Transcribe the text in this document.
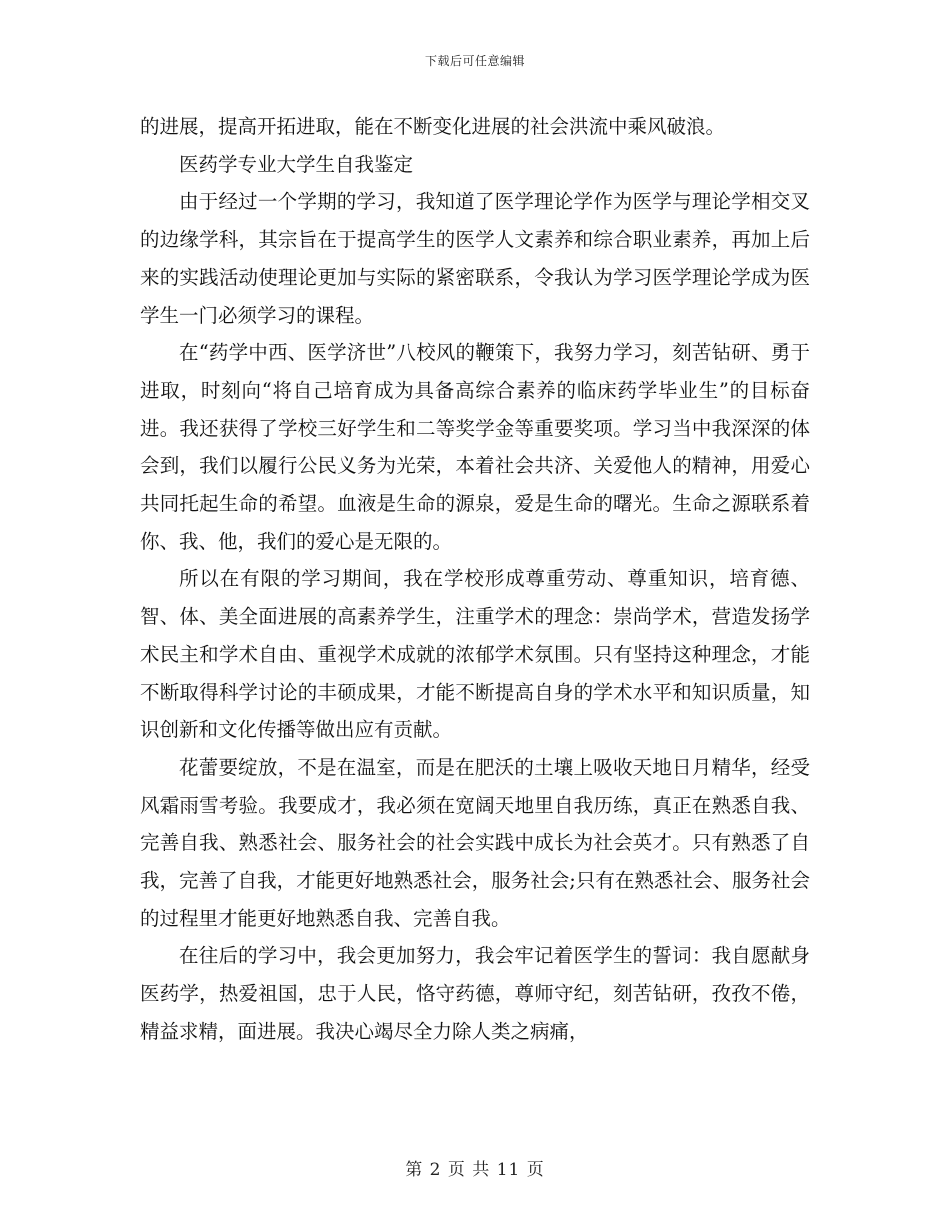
下载后可任意编辑

的进展，提高开拓进取，能在不断变化进展的社会洪流中乘风破浪。

医药学专业大学生自我鉴定

由于经过一个学期的学习，我知道了医学理论学作为医学与理论学相交叉的边缘学科，其宗旨在于提高学生的医学人文素养和综合职业素养，再加上后来的实践活动使理论更加与实际的紧密联系，令我认为学习医学理论学成为医学生一门必须学习的课程。

在“药学中西、医学济世”八校风的鞭策下，我努力学习，刻苦钻研、勇于进取，时刻向“将自己培育成为具备高综合素养的临床药学毕业生”的目标奋进。我还获得了学校三好学生和二等奖学金等重要奖项。学习当中我深深的体会到，我们以履行公民义务为光荣，本着社会共济、关爱他人的精神，用爱心共同托起生命的希望。血液是生命的源泉，爱是生命的曙光。生命之源联系着你、我、他，我们的爱心是无限的。

所以在有限的学习期间，我在学校形成尊重劳动、尊重知识，培育德、智、体、美全面进展的高素养学生，注重学术的理念：崇尚学术，营造发扬学术民主和学术自由、重视学术成就的浓郁学术氛围。只有坚持这种理念，才能不断取得科学讨论的丰硕成果，才能不断提高自身的学术水平和知识质量，知识创新和文化传播等做出应有贡献。

花蕾要绽放，不是在温室，而是在肥沃的土壤上吸收天地日月精华，经受风霜雨雪考验。我要成才，我必须在宽阔天地里自我历练，真正在熟悉自我、完善自我、熟悉社会、服务社会的社会实践中成长为社会英才。只有熟悉了自我，完善了自我，才能更好地熟悉社会，服务社会;只有在熟悉社会、服务社会的过程里才能更好地熟悉自我、完善自我。

在往后的学习中，我会更加努力，我会牢记着医学生的誓词：我自愿献身医药学，热爱祖国，忠于人民，恪守药德，尊师守纪，刻苦钻研，孜孜不倦，精益求精，面进展。我决心竭尽全力除人类之病痛，

第 2 页 共 11 页
